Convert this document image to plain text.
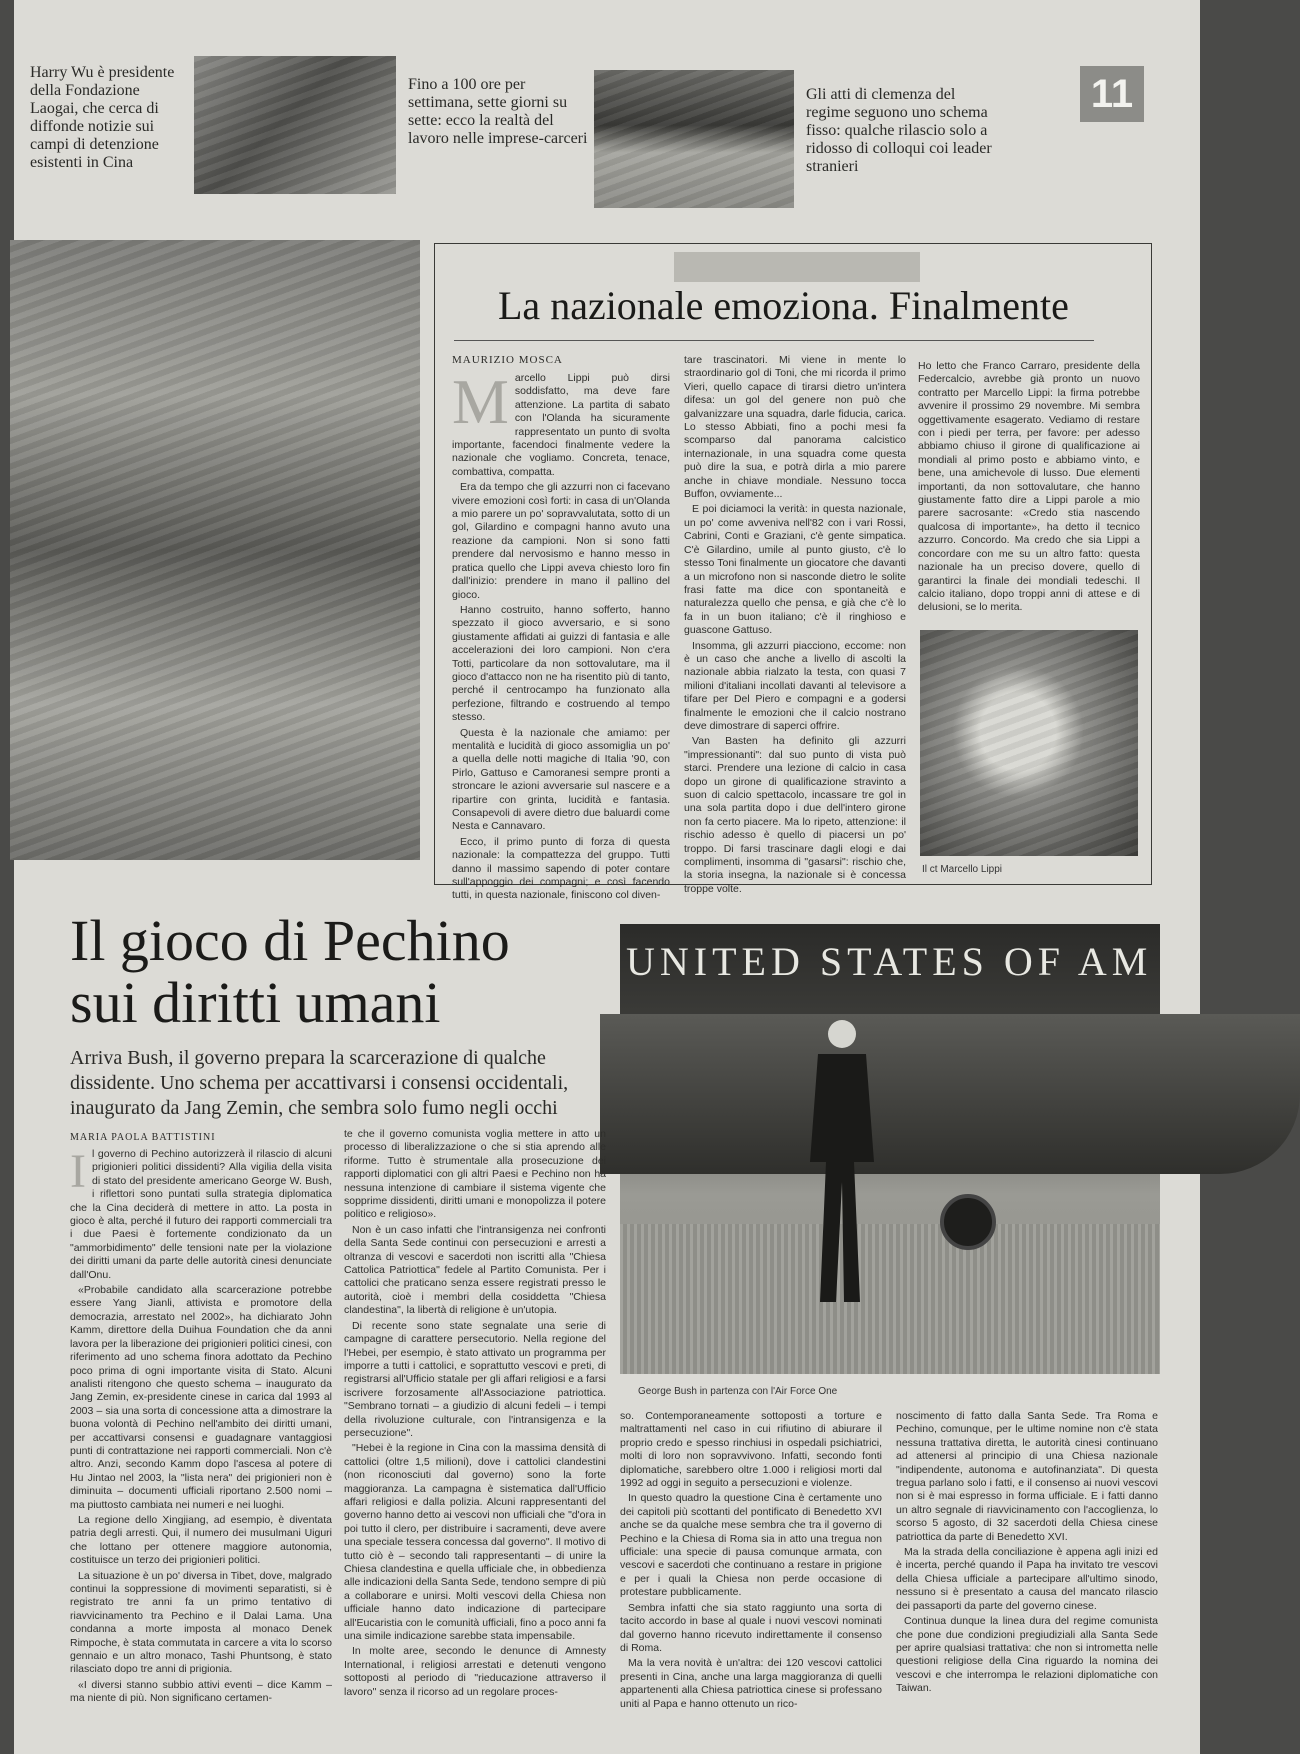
Harry Wu è presidente della Fondazione Laogai, che cerca di diffonde notizie sui campi di detenzione esistenti in Cina
Fino a 100 ore per settimana, sette giorni su sette: ecco la realtà del lavoro nelle imprese-carceri
Gli atti di clemenza del regime seguono uno schema fisso: qualche rilascio solo a ridosso di colloqui coi leader stranieri
11
La nazionale emoziona. Finalmente
MAURIZIO MOSCA
M arcello Lippi può dirsi soddisfatto, ma deve fare attenzione. La partita di sabato con l'Olanda ha sicuramente rappresentato un punto di svolta importante, facendoci finalmente vedere la nazionale che vogliamo. Concreta, tenace, combattiva, compatta.

Era da tempo che gli azzurri non ci facevano vivere emozioni così forti: in casa di un'Olanda a mio parere un po' sopravvalutata, sotto di un gol, Gilardino e compagni hanno avuto una reazione da campioni. Non si sono fatti prendere dal nervosismo e hanno messo in pratica quello che Lippi aveva chiesto loro fin dall'inizio: prendere in mano il pallino del gioco.

Hanno costruito, hanno sofferto, hanno spezzato il gioco avversario, e si sono giustamente affidati ai guizzi di fantasia e alle accelerazioni dei loro campioni. Non c'era Totti, particolare da non sottovalutare, ma il gioco d'attacco non ne ha risentito più di tanto, perché il centrocampo ha funzionato alla perfezione, filtrando e costruendo al tempo stesso.

Questa è la nazionale che amiamo: per mentalità e lucidità di gioco assomiglia un po' a quella delle notti magiche di Italia '90, con Pirlo, Gattuso e Camoranesi sempre pronti a stroncare le azioni avversarie sul nascere e a ripartire con grinta, lucidità e fantasia. Consapevoli di avere dietro due baluardi come Nesta e Cannavaro.

Ecco, il primo punto di forza di questa nazionale: la compattezza del gruppo. Tutti danno il massimo sapendo di poter contare sull'appoggio dei compagni; e così facendo tutti, in questa nazionale, finiscono col diven-

tare trascinatori. Mi viene in mente lo straordinario gol di Toni, che mi ricorda il primo Vieri, quello capace di tirarsi dietro un'intera difesa: un gol del genere non può che galvanizzare una squadra, darle fiducia, carica. Lo stesso Abbiati, fino a pochi mesi fa scomparso dal panorama calcistico internazionale, in una squadra come questa può dire la sua, e potrà dirla a mio parere anche in chiave mondiale. Nessuno tocca Buffon, ovviamente...

E poi diciamoci la verità: in questa nazionale, un po' come avveniva nell'82 con i vari Rossi, Cabrini, Conti e Graziani, c'è gente simpatica. C'è Gilardino, umile al punto giusto, c'è lo stesso Toni finalmente un giocatore che davanti a un microfono non si nasconde dietro le solite frasi fatte ma dice con spontaneità e naturalezza quello che pensa, e già che c'è lo fa in un buon italiano; c'è il ringhioso e guascone Gattuso.

Insomma, gli azzurri piacciono, eccome: non è un caso che anche a livello di ascolti la nazionale abbia rialzato la testa, con quasi 7 milioni d'italiani incollati davanti al televisore a tifare per Del Piero e compagni e a godersi finalmente le emozioni che il calcio nostrano deve dimostrare di saperci offrire.

Van Basten ha definito gli azzurri "impressionanti": dal suo punto di vista può starci. Prendere una lezione di calcio in casa dopo un girone di qualificazione stravinto a suon di calcio spettacolo, incassare tre gol in una sola partita dopo i due dell'intero girone non fa certo piacere. Ma lo ripeto, attenzione: il rischio adesso è quello di piacersi un po' troppo. Di farsi trascinare dagli elogi e dai complimenti, insomma di "gasarsi": rischio che, la storia insegna, la nazionale si è concessa troppe volte.

Ho letto che Franco Carraro, presidente della Federcalcio, avrebbe già pronto un nuovo contratto per Marcello Lippi: la firma potrebbe avvenire il prossimo 29 novembre. Mi sembra oggettivamente esagerato. Vediamo di restare con i piedi per terra, per favore: per adesso abbiamo chiuso il girone di qualificazione ai mondiali al primo posto e abbiamo vinto, e bene, una amichevole di lusso. Due elementi importanti, da non sottovalutare, che hanno giustamente fatto dire a Lippi parole a mio parere sacrosante: «Credo stia nascendo qualcosa di importante», ha detto il tecnico azzurro. Concordo. Ma credo che sia Lippi a concordare con me su un altro fatto: questa nazionale ha un preciso dovere, quello di garantirci la finale dei mondiali tedeschi. Il calcio italiano, dopo troppi anni di attese e di delusioni, se lo merita.

Il ct Marcello Lippi
Il gioco di Pechino
sui diritti umani
Arriva Bush, il governo prepara la scarcerazione di qualche dissidente. Uno schema per accattivarsi i consensi occidentali, inaugurato da Jang Zemin, che sembra solo fumo negli occhi
MARIA PAOLA BATTISTINI
UNITED STATES OF AM
George Bush in partenza con l'Air Force One
I l governo di Pechino autorizzerà il rilascio di alcuni prigionieri politici dissidenti? Alla vigilia della visita di stato del presidente americano George W. Bush, i riflettori sono puntati sulla strategia diplomatica che la Cina deciderà di mettere in atto. La posta in gioco è alta, perché il futuro dei rapporti commerciali tra i due Paesi è fortemente condizionato da un "ammorbidimento" delle tensioni nate per la violazione dei diritti umani da parte delle autorità cinesi denunciate dall'Onu.

«Probabile candidato alla scarcerazione potrebbe essere Yang Jianli, attivista e promotore della democrazia, arrestato nel 2002», ha dichiarato John Kamm, direttore della Duihua Foundation che da anni lavora per la liberazione dei prigionieri politici cinesi, con riferimento ad uno schema finora adottato da Pechino poco prima di ogni importante visita di Stato. Alcuni analisti ritengono che questo schema – inaugurato da Jang Zemin, ex-presidente cinese in carica dal 1993 al 2003 – sia una sorta di concessione atta a dimostrare la buona volontà di Pechino nell'ambito dei diritti umani, per accattivarsi consensi e guadagnare vantaggiosi punti di contrattazione nei rapporti commerciali. Non c'è altro. Anzi, secondo Kamm dopo l'ascesa al potere di Hu Jintao nel 2003, la "lista nera" dei prigionieri non è diminuita – documenti ufficiali riportano 2.500 nomi – ma piuttosto cambiata nei numeri e nei luoghi.

La regione dello Xingjiang, ad esempio, è diventata patria degli arresti. Qui, il numero dei musulmani Uiguri che lottano per ottenere maggiore autonomia, costituisce un terzo dei prigionieri politici.

La situazione è un po' diversa in Tibet, dove, malgrado continui la soppressione di movimenti separatisti, si è registrato tre anni fa un primo tentativo di riavvicinamento tra Pechino e il Dalai Lama. Una condanna a morte imposta al monaco Denek Rimpoche, è stata commutata in carcere a vita lo scorso gennaio e un altro monaco, Tashi Phuntsong, è stato rilasciato dopo tre anni di prigionia.

«I diversi stanno subbio attivi eventi – dice Kamm – ma niente di più. Non significano certamen-

te che il governo comunista voglia mettere in atto un processo di liberalizzazione o che si stia aprendo alle riforme. Tutto è strumentale alla prosecuzione dei rapporti diplomatici con gli altri Paesi e Pechino non ha nessuna intenzione di cambiare il sistema vigente che sopprime dissidenti, diritti umani e monopolizza il potere politico e religioso».

Non è un caso infatti che l'intransigenza nei confronti della Santa Sede continui con persecuzioni e arresti a oltranza di vescovi e sacerdoti non iscritti alla "Chiesa Cattolica Patriottica" fedele al Partito Comunista. Per i cattolici che praticano senza essere registrati presso le autorità, cioè i membri della cosiddetta "Chiesa clandestina", la libertà di religione è un'utopia.

Di recente sono state segnalate una serie di campagne di carattere persecutorio. Nella regione del l'Hebei, per esempio, è stato attivato un programma per imporre a tutti i cattolici, e soprattutto vescovi e preti, di registrarsi all'Ufficio statale per gli affari religiosi e a farsi iscrivere forzosamente all'Associazione patriottica. "Sembrano tornati – a giudizio di alcuni fedeli – i tempi della rivoluzione culturale, con l'intransigenza e la persecuzione".

"Hebei è la regione in Cina con la massima densità di cattolici (oltre 1,5 milioni), dove i cattolici clandestini (non riconosciuti dal governo) sono la forte maggioranza. La campagna è sistematica dall'Ufficio affari religiosi e dalla polizia. Alcuni rappresentanti del governo hanno detto ai vescovi non ufficiali che "d'ora in poi tutto il clero, per distribuire i sacramenti, deve avere una speciale tessera concessa dal governo". Il motivo di tutto ciò è – secondo tali rappresentanti – di unire la Chiesa clandestina e quella ufficiale che, in obbedienza alle indicazioni della Santa Sede, tendono sempre di più a collaborare e unirsi. Molti vescovi della Chiesa non ufficiale hanno dato indicazione di partecipare all'Eucaristia con le comunità ufficiali, fino a poco anni fa una simile indicazione sarebbe stata impensabile.

In molte aree, secondo le denunce di Amnesty International, i religiosi arrestati e detenuti vengono sottoposti al periodo di "rieducazione attraverso il lavoro" senza il ricorso ad un regolare proces-

so. Contemporaneamente sottoposti a torture e maltrattamenti nel caso in cui rifiutino di abiurare il proprio credo e spesso rinchiusi in ospedali psichiatrici, molti di loro non sopravvivono. Infatti, secondo fonti diplomatiche, sarebbero oltre 1.000 i religiosi morti dal 1992 ad oggi in seguito a persecuzioni e violenze.

In questo quadro la questione Cina è certamente uno dei capitoli più scottanti del pontificato di Benedetto XVI anche se da qualche mese sembra che tra il governo di Pechino e la Chiesa di Roma sia in atto una tregua non ufficiale: una specie di pausa comunque armata, con vescovi e sacerdoti che continuano a restare in prigione e per i quali la Chiesa non perde occasione di protestare pubblicamente.

Sembra infatti che sia stato raggiunto una sorta di tacito accordo in base al quale i nuovi vescovi nominati dal governo hanno ricevuto indirettamente il consenso di Roma.

Ma la vera novità è un'altra: dei 120 vescovi cattolici presenti in Cina, anche una larga maggioranza di quelli appartenenti alla Chiesa patriottica cinese si professano uniti al Papa e hanno ottenuto un rico-

noscimento di fatto dalla Santa Sede. Tra Roma e Pechino, comunque, per le ultime nomine non c'è stata nessuna trattativa diretta, le autorità cinesi continuano ad attenersi al principio di una Chiesa nazionale "indipendente, autonoma e autofinanziata". Di questa tregua parlano solo i fatti, e il consenso ai nuovi vescovi non si è mai espresso in forma ufficiale. E i fatti danno un altro segnale di riavvicinamento con l'accoglienza, lo scorso 5 agosto, di 32 sacerdoti della Chiesa cinese patriottica da parte di Benedetto XVI.

Ma la strada della conciliazione è appena agli inizi ed è incerta, perché quando il Papa ha invitato tre vescovi della Chiesa ufficiale a partecipare all'ultimo sinodo, nessuno si è presentato a causa del mancato rilascio dei passaporti da parte del governo cinese.

Continua dunque la linea dura del regime comunista che pone due condizioni pregiudiziali alla Santa Sede per aprire qualsiasi trattativa: che non si intrometta nelle questioni religiose della Cina riguardo la nomina dei vescovi e che interrompa le relazioni diplomatiche con Taiwan.
